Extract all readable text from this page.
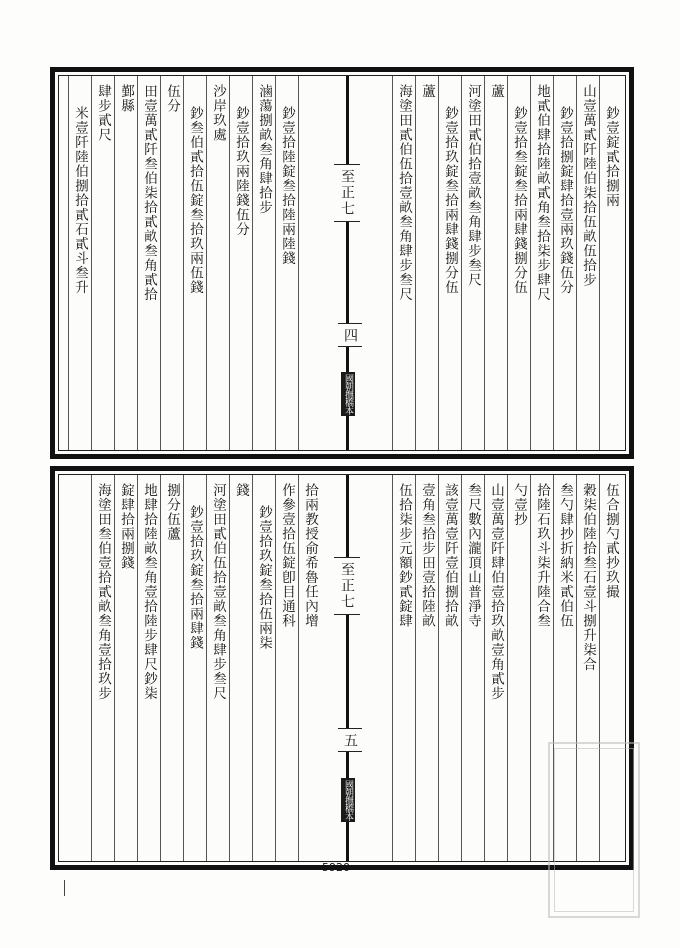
鈔壹錠貳拾捌兩
山壹萬貳阡陸伯柒拾伍畝伍拾步
鈔壹拾捌錠肆拾壹兩玖錢伍分
地貳伯肆拾陸畝貳角叁拾柒步肆尺
鈔壹拾叁錠叁拾兩肆錢捌分伍
蘆
河塗田貳伯拾壹畝叁角肆步叁尺
鈔壹拾玖錠叁拾兩肆錢捌分伍
蘆
海塗田貳伯伍拾壹畝叁角肆步叁尺
鈔壹拾陸錠叁拾陸兩陸錢
滷蕩捌畝叁角肆拾步
鈔壹拾玖兩陸錢伍分
沙岸玖處
鈔叁伯貳拾伍錠叁拾玖兩伍錢
伍分
田壹萬貳阡叁伯柒拾貳畝叁角貳拾
鄞縣
肆步貳尺
米壹阡陸伯捌拾貳石貳斗叁升	至正七
四
國朝撫橋本
伍合捌勺貳抄玖撮
穀柒伯陸拾叁石壹斗捌升柒合
叁勺肆抄折納米貳伯伍
拾陸石玖斗柒升陸合叁
勺壹抄
山壹萬壹阡肆伯壹拾玖畝壹角貳步
叁尺數內瀧頂山普淨寺
該壹萬壹阡壹伯捌拾畝
壹角叁拾步田壹拾陸畝
伍拾柒步元額鈔貳錠肆
拾兩教授俞希魯任內增
作參壹拾伍錠卽目通科
鈔壹拾玖錠叁拾伍兩柒
錢
河塗田貳伯伍拾壹畝叁角肆步叁尺
鈔壹拾玖錠叁拾兩肆錢
捌分伍蘆
地肆拾陸畝叁角壹拾陸步肆尺鈔柒
錠肆拾兩捌錢
海塗田叁伯壹拾貳畝叁角壹拾玖步	至正七
五
國朝撫橋本
5920
